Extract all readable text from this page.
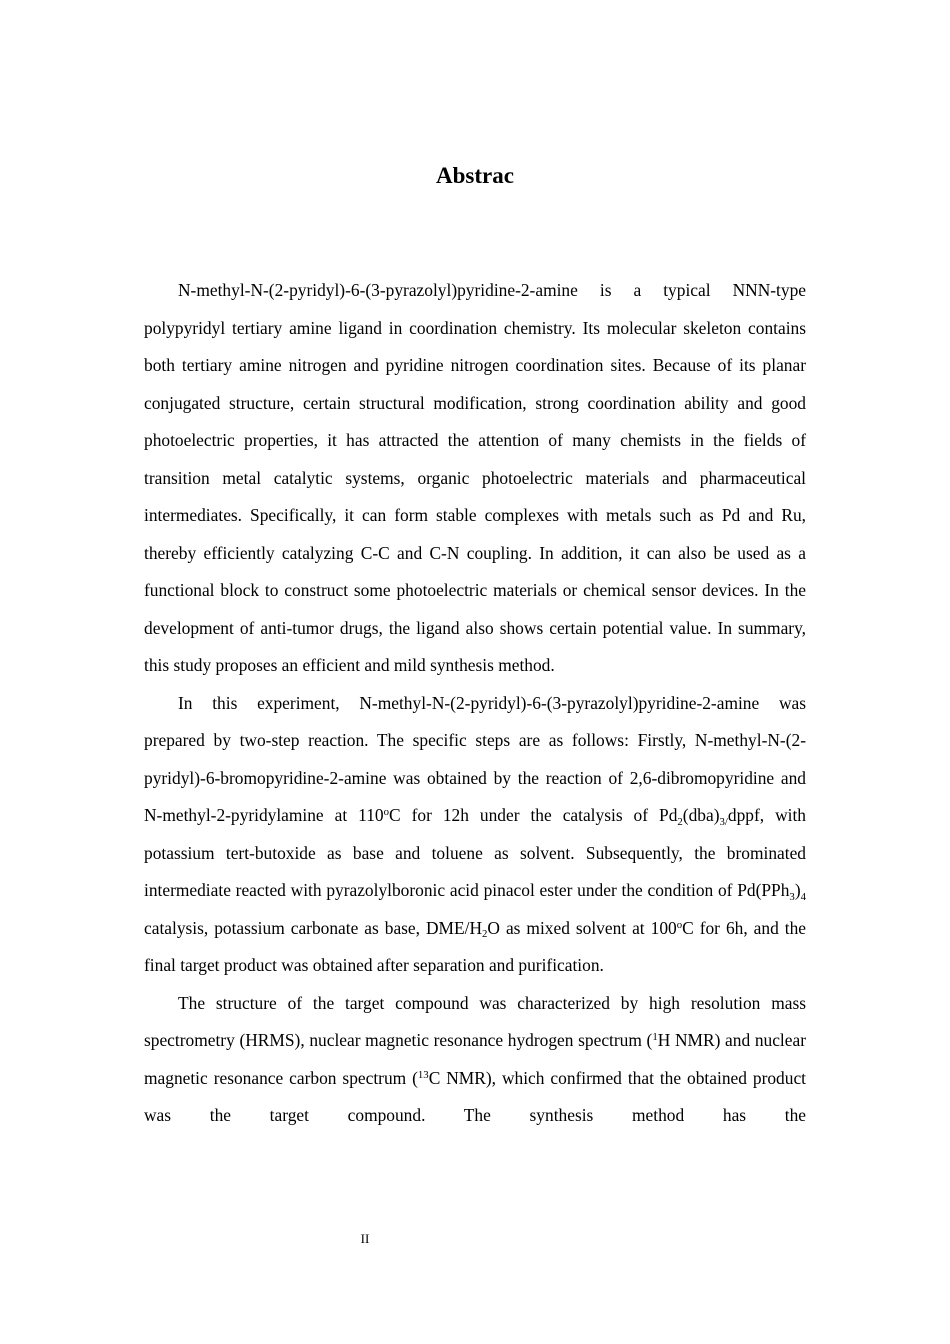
Abstrac

N-methyl-N-(2-pyridyl)-6-(3-pyrazolyl)pyridine-2-amine is a typical NNN-type polypyridyl tertiary amine ligand in coordination chemistry. Its molecular skeleton contains both tertiary amine nitrogen and pyridine nitrogen coordination sites. Because of its planar conjugated structure, certain structural modification, strong coordination ability and good photoelectric properties, it has attracted the attention of many chemists in the fields of transition metal catalytic systems, organic photoelectric materials and pharmaceutical intermediates. Specifically, it can form stable complexes with metals such as Pd and Ru, thereby efficiently catalyzing C-C and C-N coupling. In addition, it can also be used as a functional block to construct some photoelectric materials or chemical sensor devices. In the development of anti-tumor drugs, the ligand also shows certain potential value. In summary, this study proposes an efficient and mild synthesis method.

In this experiment, N-methyl-N-(2-pyridyl)-6-(3-pyrazolyl)pyridine-2-amine was prepared by two-step reaction. The specific steps are as follows: Firstly, N-methyl-N-(2-pyridyl)-6-bromopyridine-2-amine was obtained by the reaction of 2,6-dibromopyridine and N-methyl-2-pyridylamine at 110$^o$C for 12h under the catalysis of $Pd_2(dba)_{3/}dppf$, with potassium tert-butoxide as base and toluene as solvent. Subsequently, the brominated intermediate reacted with pyrazolylboronic acid pinacol ester under the condition of $Pd(PPh_3)_4$ catalysis, potassium carbonate as base, DME/$H_2O$ as mixed solvent at 100$^o$C for 6h, and the final target product was obtained after separation and purification.

The structure of the target compound was characterized by high resolution mass spectrometry (HRMS), nuclear magnetic resonance hydrogen spectrum ($^1$H NMR) and nuclear magnetic resonance carbon spectrum ($^{13}$C NMR), which confirmed that the obtained product was the target compound. The synthesis method has the

II
